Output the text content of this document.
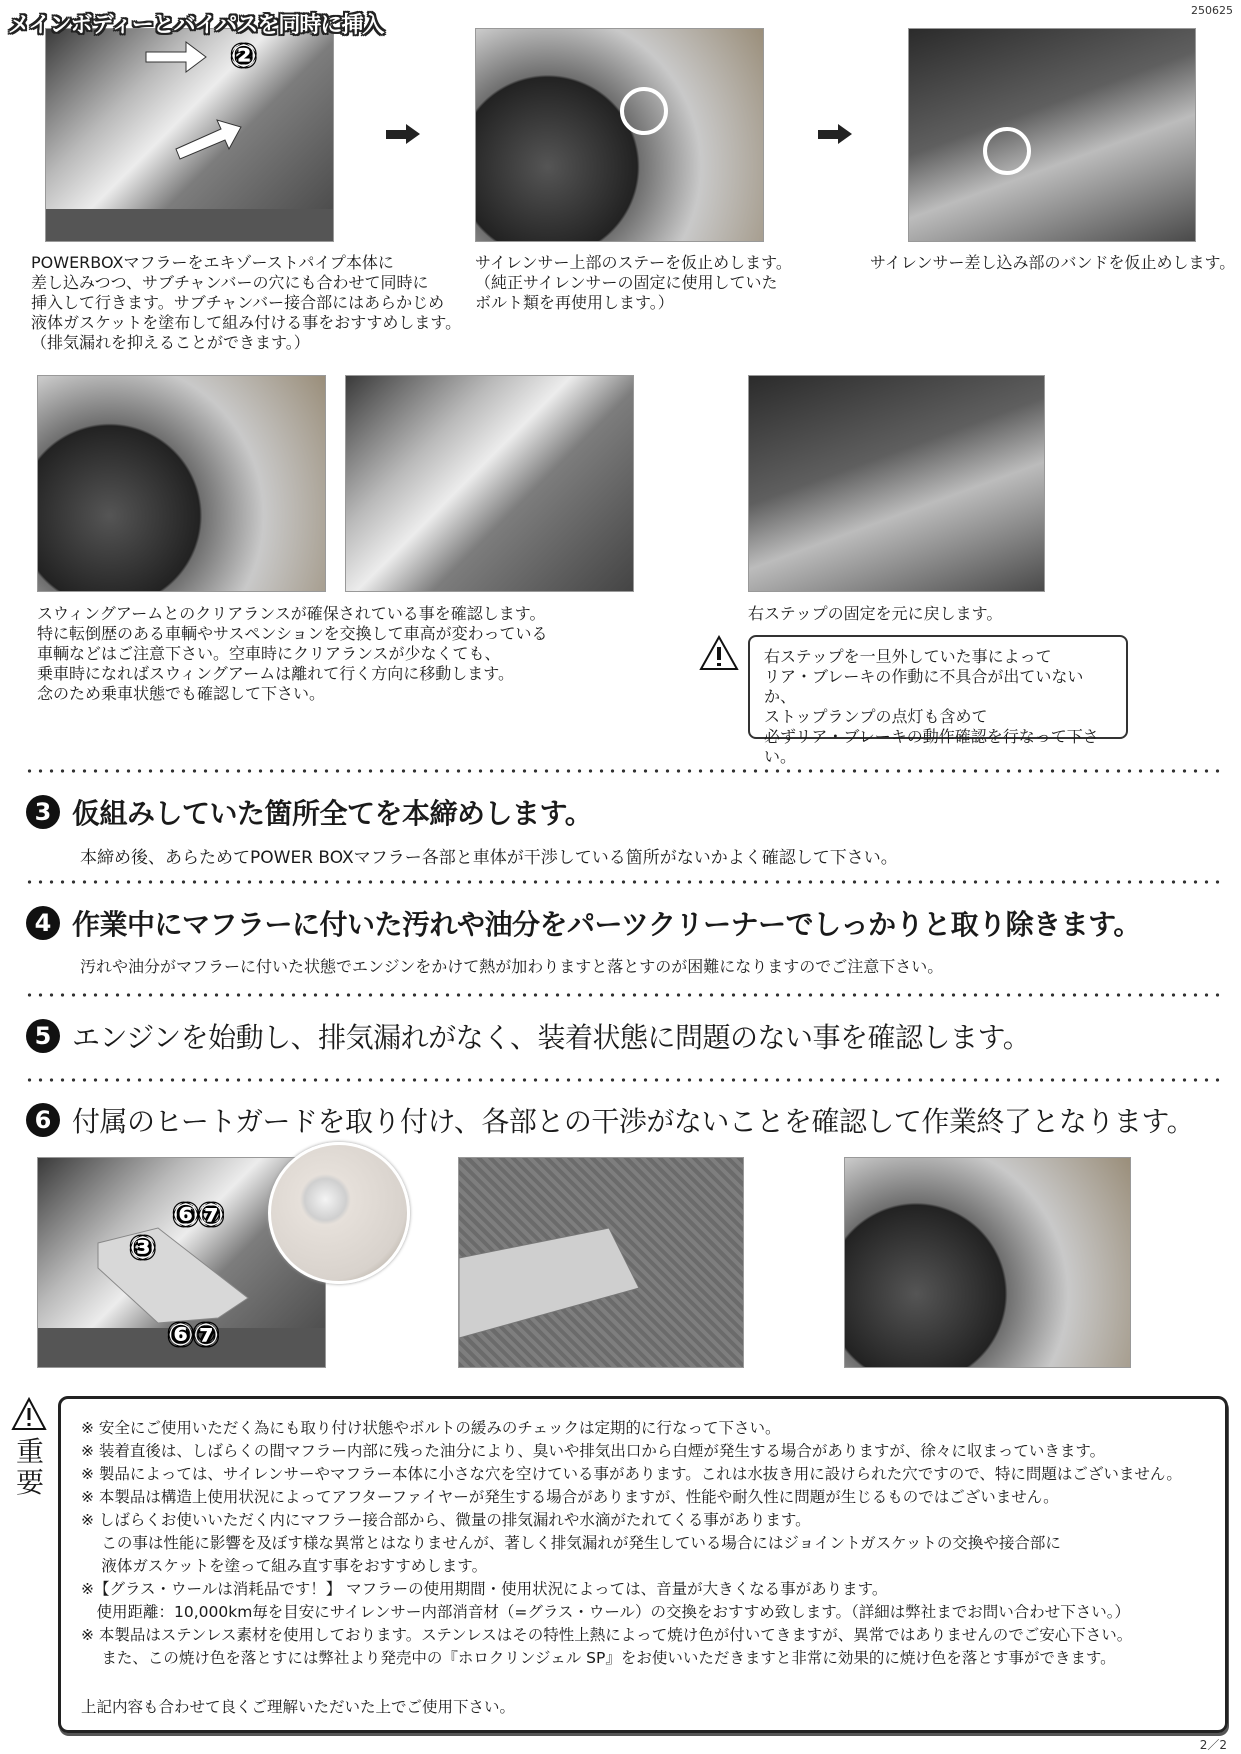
250625
メインボディーとバイパスを同時に挿入
②
POWERBOXマフラーをエキゾーストパイプ本体に
差し込みつつ、サブチャンバーの穴にも合わせて同時に
挿入して行きます。サブチャンバー接合部にはあらかじめ
液体ガスケットを塗布して組み付ける事をおすすめします。
（排気漏れを抑えることができます。）
サイレンサー上部のステーを仮止めします。
（純正サイレンサーの固定に使用していた
ボルト類を再使用します。）
サイレンサー差し込み部のバンドを仮止めします。
スウィングアームとのクリアランスが確保されている事を確認します。
特に転倒歴のある車輌やサスペンションを交換して車高が変わっている
車輌などはご注意下さい。空車時にクリアランスが少なくても、
乗車時になればスウィングアームは離れて行く方向に移動します。
念のため乗車状態でも確認して下さい。
右ステップの固定を元に戻します。
右ステップを一旦外していた事によって
リア・ブレーキの作動に不具合が出ていないか、
ストップランプの点灯も含めて
必ずリア・ブレーキの動作確認を行なって下さい。
3 仮組みしていた箇所全てを本締めします。
本締め後、あらためてPOWER BOXマフラー各部と車体が干渉している箇所がないかよく確認して下さい。
4 作業中にマフラーに付いた汚れや油分をパーツクリーナーでしっかりと取り除きます。
汚れや油分がマフラーに付いた状態でエンジンをかけて熱が加わりますと落とすのが困難になりますのでご注意下さい。
5 エンジンを始動し、排気漏れがなく、装着状態に問題のない事を確認します。
6 付属のヒートガードを取り付け、各部との干渉がないことを確認して作業終了となります。
⑥⑦
③
⑥⑦
重
要
※ 安全にご使用いただく為にも取り付け状態やボルトの緩みのチェックは定期的に行なって下さい。
※ 装着直後は、しばらくの間マフラー内部に残った油分により、臭いや排気出口から白煙が発生する場合がありますが、徐々に収まっていきます。
※ 製品によっては、サイレンサーやマフラー本体に小さな穴を空けている事があります。これは水抜き用に設けられた穴ですので、特に問題はございません。
※ 本製品は構造上使用状況によってアフターファイヤーが発生する場合がありますが、性能や耐久性に問題が生じるものではございません。
※ しばらくお使いいただく内にマフラー接合部から、微量の排気漏れや水滴がたれてくる事があります。
　 この事は性能に影響を及ぼす様な異常とはなりませんが、著しく排気漏れが発生している場合にはジョイントガスケットの交換や接合部に
　 液体ガスケットを塗って組み直す事をおすすめします。
※【グラス・ウールは消耗品です！】 マフラーの使用期間・使用状況によっては、音量が大きくなる事があります。
　使用距離：10,000km毎を目安にサイレンサー内部消音材（=グラス・ウール）の交換をおすすめ致します。（詳細は弊社までお問い合わせ下さい。）
※ 本製品はステンレス素材を使用しております。ステンレスはその特性上熱によって焼け色が付いてきますが、異常ではありませんのでご安心下さい。
　 また、この焼け色を落とすには弊社より発売中の『ホロクリンジェル SP』をお使いいただきますと非常に効果的に焼け色を落とす事ができます。
上記内容も合わせて良くご理解いただいた上でご使用下さい。
2／2
